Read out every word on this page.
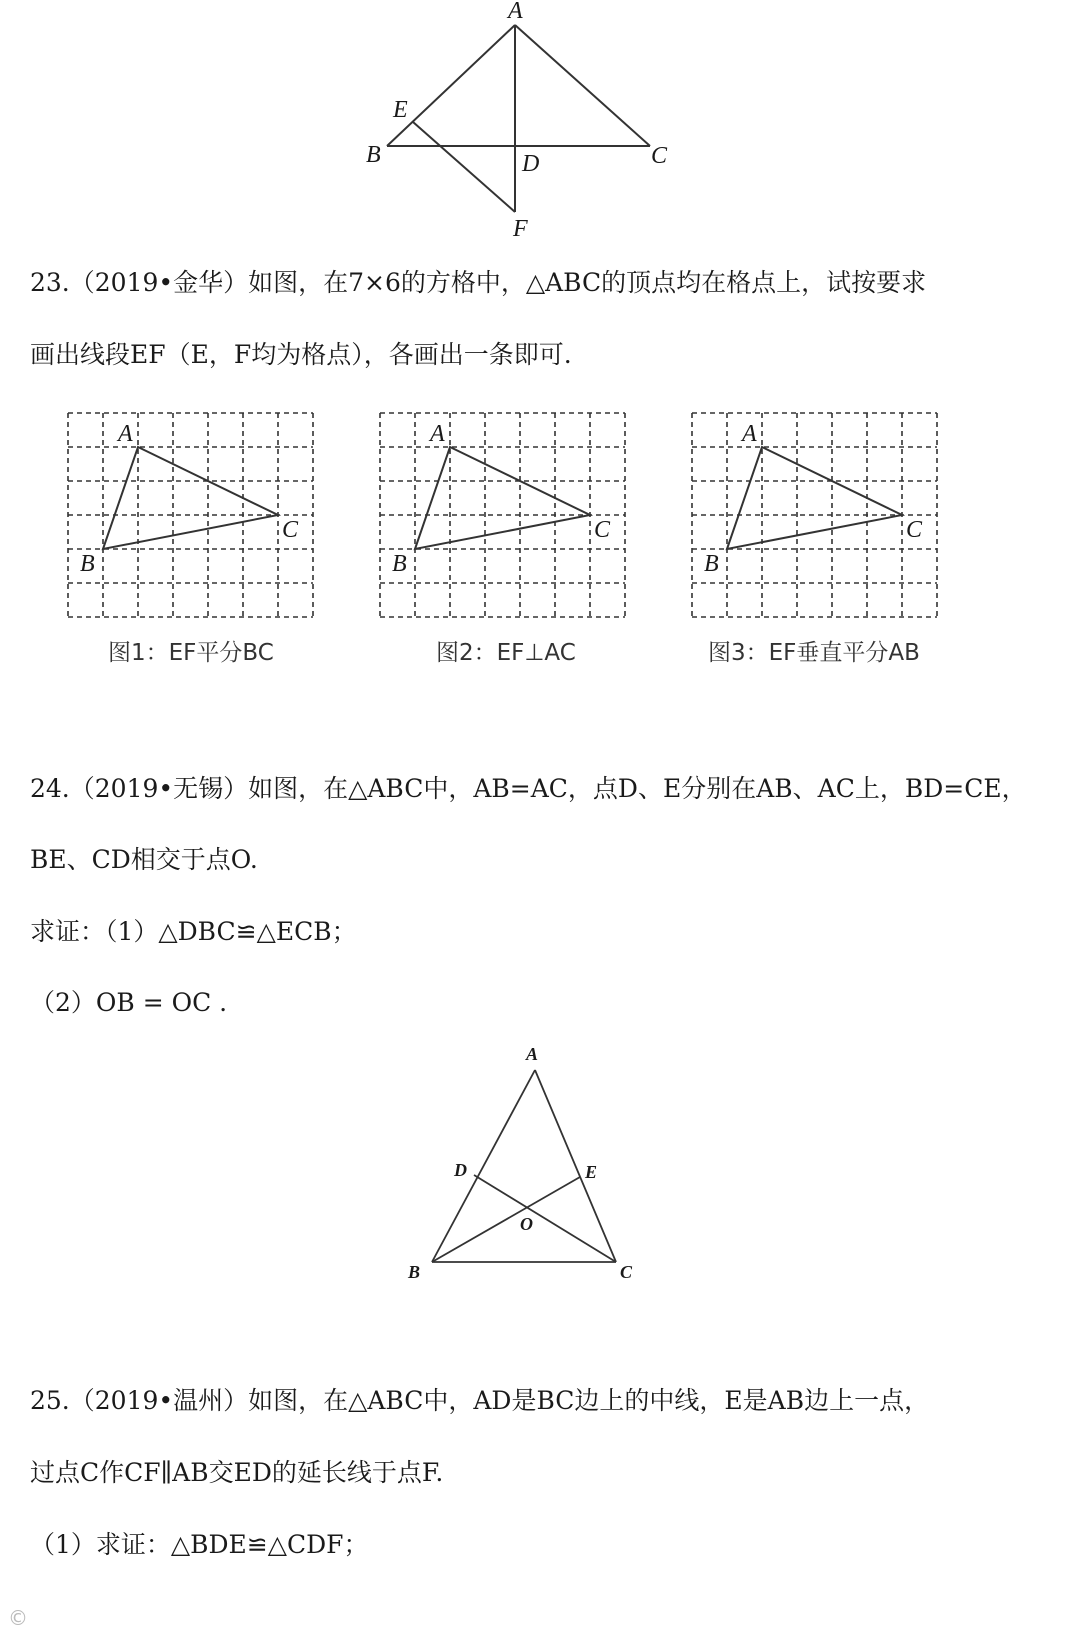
A
E
B	D	C
F
23.（2019•金华）如图，在7×6的方格中，△ABC的顶点均在格点上，试按要求
画出线段EF（E，F均为格点），各画出一条即可.
A
B
C
图1：EF平分BC
A
B
C
图2：EF⊥AC
A
B
C
图3：EF垂直平分AB
24.（2019•无锡）如图，在△ABC中，AB=AC，点D、E分别在AB、AC上，BD=CE，
BE、CD相交于点O.
求证：（1）△DBC≌△ECB；
（2）OB = OC .
A
D	E
O
B	C
25.（2019•温州）如图，在△ABC中，AD是BC边上的中线，E是AB边上一点，
过点C作CF∥AB交ED的延长线于点F.
（1）求证：△BDE≌△CDF；
©
